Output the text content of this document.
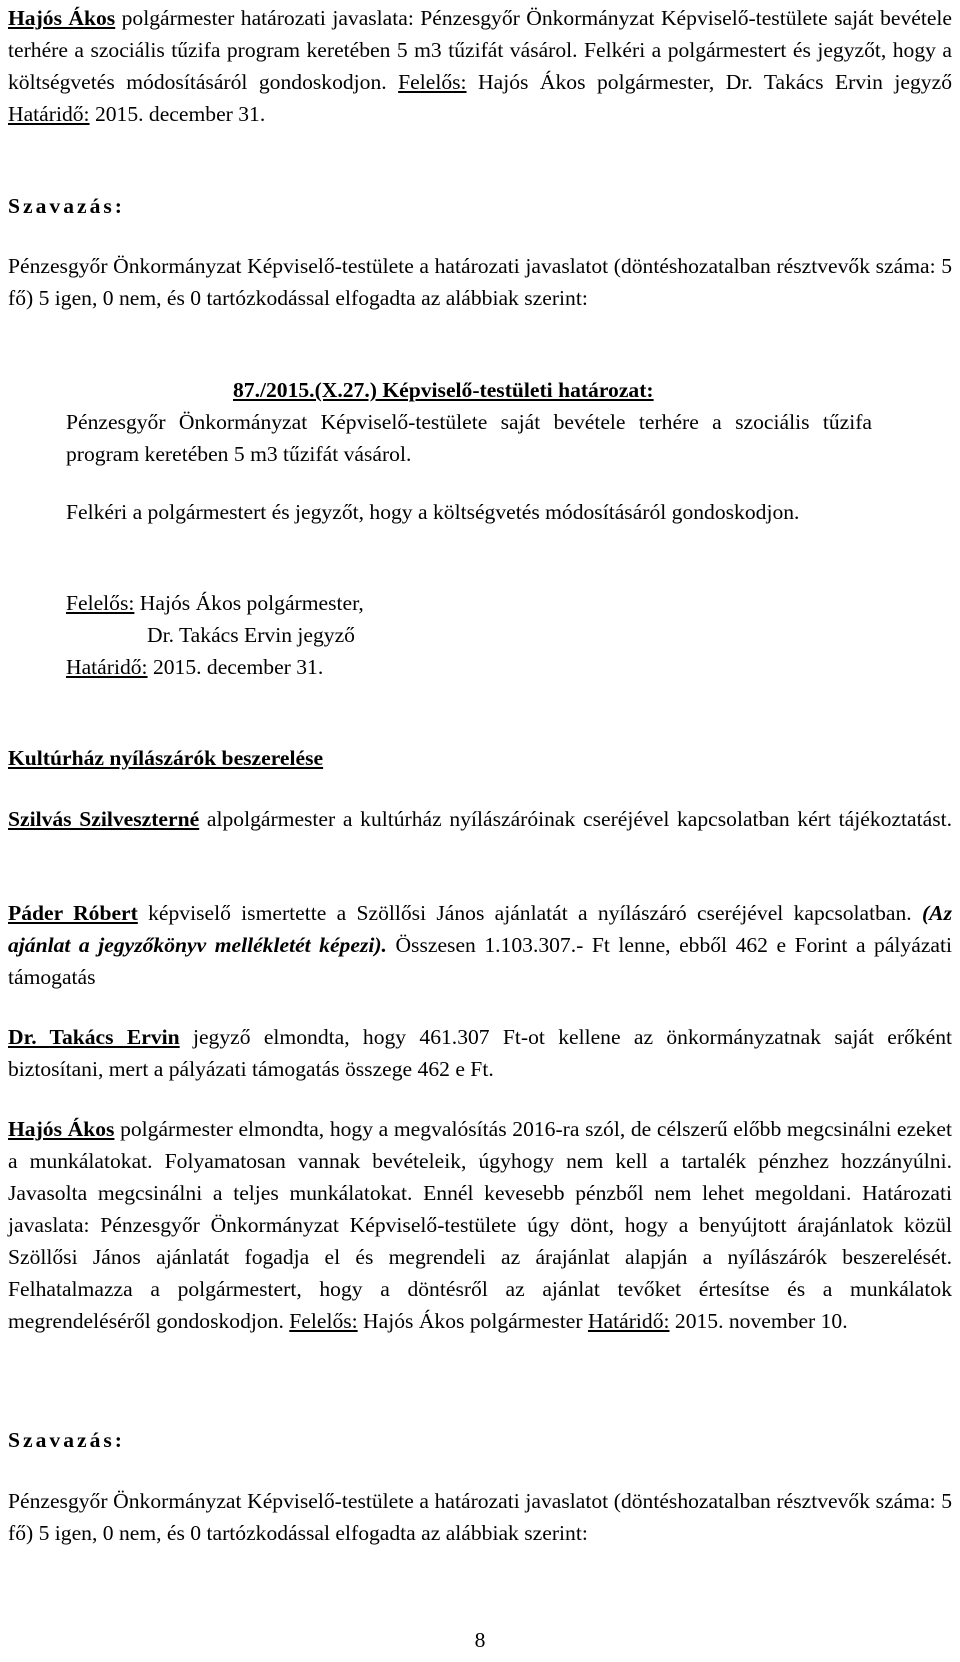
Hajós Ákos polgármester határozati javaslata: Pénzesgyőr Önkormányzat Képviselő-testülete saját bevétele terhére a szociális tűzifa program keretében 5 m3 tűzifát vásárol. Felkéri a polgármestert és jegyzőt, hogy a költségvetés módosításáról gondoskodjon. Felelős: Hajós Ákos polgármester, Dr. Takács Ervin jegyző Határidő: 2015. december 31.

Szavazás:

Pénzesgyőr Önkormányzat Képviselő-testülete a határozati javaslatot (döntéshozatalban résztvevők száma: 5 fő) 5 igen, 0 nem, és 0 tartózkodással elfogadta az alábbiak szerint:

87./2015.(X.27.) Képviselő-testületi határozat:

Pénzesgyőr Önkormányzat Képviselő-testülete saját bevétele terhére a szociális tűzifa program keretében 5 m3 tűzifát vásárol.

Felkéri a polgármestert és jegyzőt, hogy a költségvetés módosításáról gondoskodjon.

Felelős: Hajós Ákos polgármester,

Dr. Takács Ervin jegyző

Határidő: 2015. december 31.

Kultúrház nyílászárók beszerelése

Szilvás Szilveszterné alpolgármester a kultúrház nyílászáróinak cseréjével kapcsolatban kért tájékoztatást.

Páder Róbert képviselő ismertette a Szöllősi János ajánlatát a nyílászáró cseréjével kapcsolatban. (Az ajánlat a jegyzőkönyv mellékletét képezi). Összesen 1.103.307.- Ft lenne, ebből 462 e Forint a pályázati támogatás

Dr. Takács Ervin jegyző elmondta, hogy 461.307 Ft-ot kellene az önkormányzatnak saját erőként biztosítani, mert a pályázati támogatás összege 462 e Ft.

Hajós Ákos polgármester elmondta, hogy a megvalósítás 2016-ra szól, de célszerű előbb megcsinálni ezeket a munkálatokat. Folyamatosan vannak bevételeik, úgyhogy nem kell a tartalék pénzhez hozzányúlni. Javasolta megcsinálni a teljes munkálatokat. Ennél kevesebb pénzből nem lehet megoldani. Határozati javaslata: Pénzesgyőr Önkormányzat Képviselő-testülete úgy dönt, hogy a benyújtott árajánlatok közül Szöllősi János ajánlatát fogadja el és megrendeli az árajánlat alapján a nyílászárók beszerelését. Felhatalmazza a polgármestert, hogy a döntésről az ajánlat tevőket értesítse és a munkálatok megrendeléséről gondoskodjon. Felelős: Hajós Ákos polgármester Határidő: 2015. november 10.

Szavazás:

Pénzesgyőr Önkormányzat Képviselő-testülete a határozati javaslatot (döntéshozatalban résztvevők száma: 5 fő) 5 igen, 0 nem, és 0 tartózkodással elfogadta az alábbiak szerint:

8
